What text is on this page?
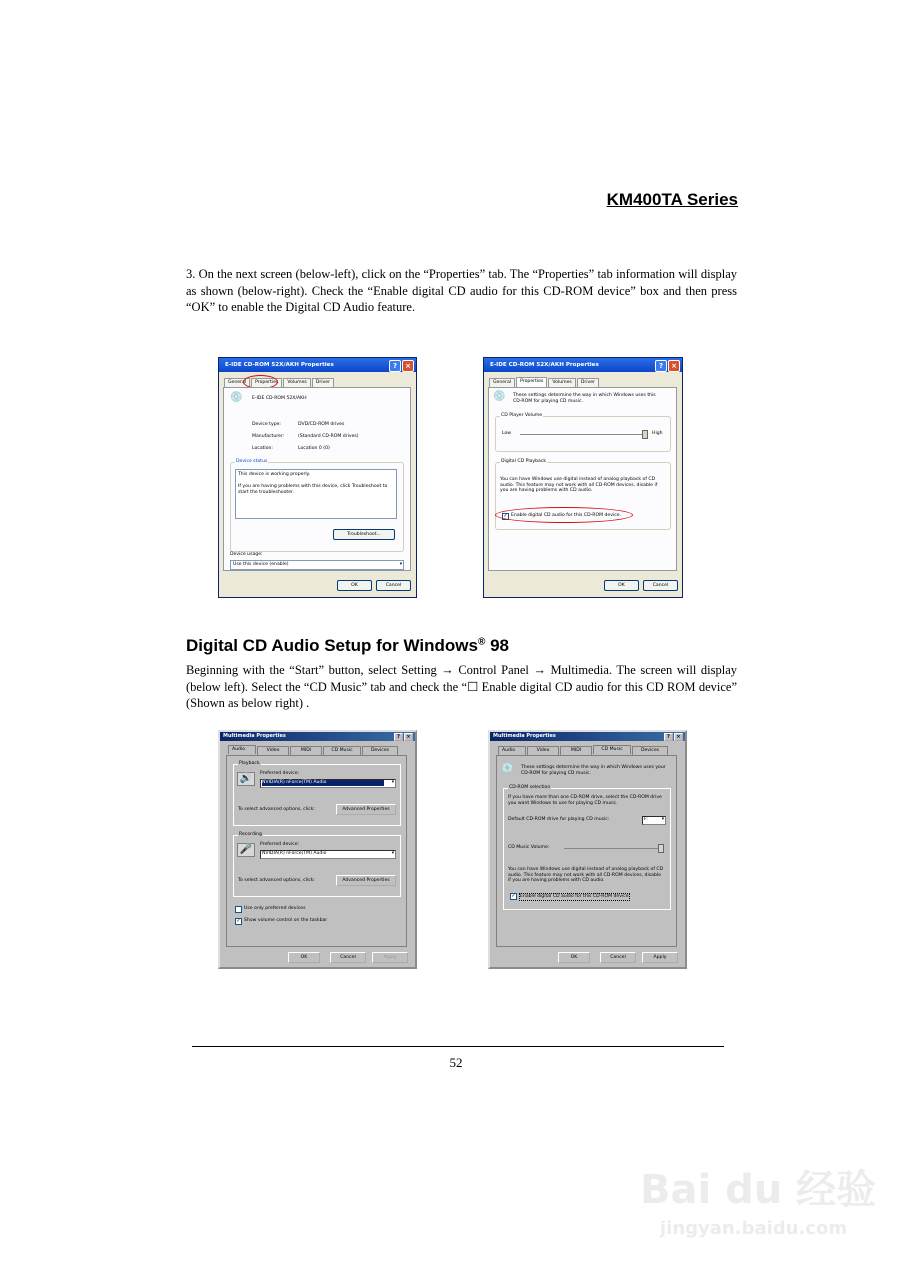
KM400TA Series
3. On the next screen (below-left), click on the “Properties” tab. The “Properties” tab information will display as shown (below-right). Check the “Enable digital CD audio for this CD-ROM device” box and then press “OK” to enable the Digital CD Audio feature.
E-IDE CD-ROM 52X/AKH Properties	?	×
General	Properties	Volumes	Driver
💿 E-IDE CD-ROM 52X/AKH
Device type:	DVD/CD-ROM drives
Manufacturer:	(Standard CD-ROM drives)
Location:	Location 0 (0)
Device status
This device is working properly.
If you are having problems with this device, click Troubleshoot to start the troubleshooter.
Troubleshoot...
Device usage:
Use this device (enable)	▾
OK	Cancel
E-IDE CD-ROM 52X/AKH Properties	?	×
General	Properties	Volumes	Driver
💿 These settings determine the way in which Windows uses this CD-ROM for playing CD music.
CD Player Volume
Low	High
Digital CD Playback
You can have Windows use digital instead of analog playback of CD audio. This feature may not work with all CD-ROM devices, disable if you are having problems with CD audio.
✓ Enable digital CD audio for this CD-ROM device.
OK	Cancel
Digital CD Audio Setup for Windows® 98
Beginning with the “Start” button, select Setting → Control Panel → Multimedia. The screen will display (below left). Select the “CD Music” tab and check the “☐ Enable digital CD audio for this CD ROM device” (Shown as below right) .
Multimedia Properties	?	×
Audio	Video	MIDI	CD Music	Devices
Playback
🔊	Preferred device:
NVIDIA(R) nForce(TM) Audio	▾
To select advanced options, click:	Advanced Properties
Recording
🎤	Preferred device:
NVIDIA(R) nForce(TM) Audio	▾
To select advanced options, click:	Advanced Properties
Use only preferred devices
✓ Show volume control on the taskbar
OK	Cancel	Apply
Multimedia Properties	?	×
Audio	Video	MIDI	CD Music	Devices
💿 These settings determine the way in which Windows uses your CD-ROM for playing CD music.
CD-ROM selection
If you have more than one CD-ROM drive, select the CD-ROM drive you want Windows to use for playing CD music.
Default CD-ROM drive for playing CD music:	F:	▾
CD Music Volume:
You can have Windows use digital instead of analog playback of CD audio. This feature may not work with all CD-ROM devices, disable if you are having problems with CD audio.
✓ Enable digital CD audio for this CD-ROM device
OK	Cancel	Apply
52
Bai du 经验
jingyan.baidu.com
